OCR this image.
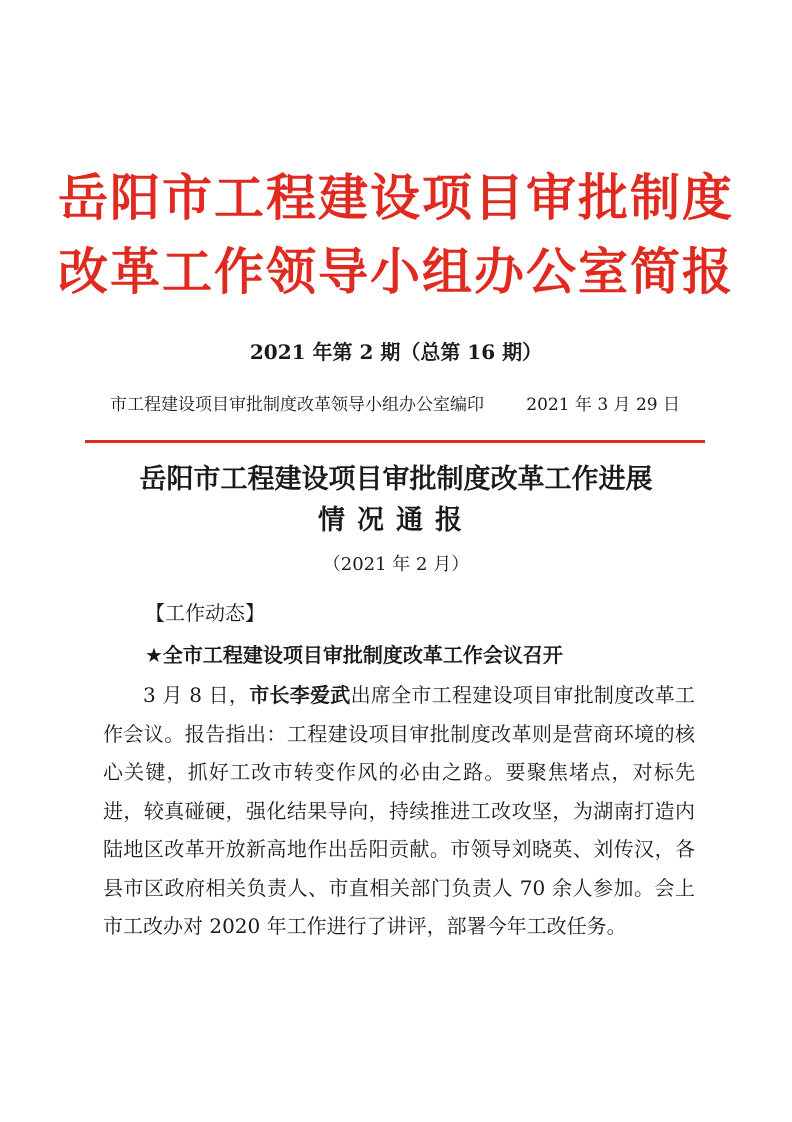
岳阳市工程建设项目审批制度
改革工作领导小组办公室简报
2021 年第 2 期（总第 16 期）
市工程建设项目审批制度改革领导小组办公室编印 2021 年 3 月 29 日
岳阳市工程建设项目审批制度改革工作进展
情况通报
（2021 年 2 月）
【工作动态】
★全市工程建设项目审批制度改革工作会议召开
3 月 8 日，市长李爱武出席全市工程建设项目审批制度改革工作会议。报告指出：工程建设项目审批制度改革则是营商环境的核心关键，抓好工改市转变作风的必由之路。要聚焦堵点，对标先进，较真碰硬，强化结果导向，持续推进工改攻坚，为湖南打造内陆地区改革开放新高地作出岳阳贡献。市领导刘晓英、刘传汉，各县市区政府相关负责人、市直相关部门负责人 70 余人参加。会上市工改办对 2020 年工作进行了讲评，部署今年工改任务。
